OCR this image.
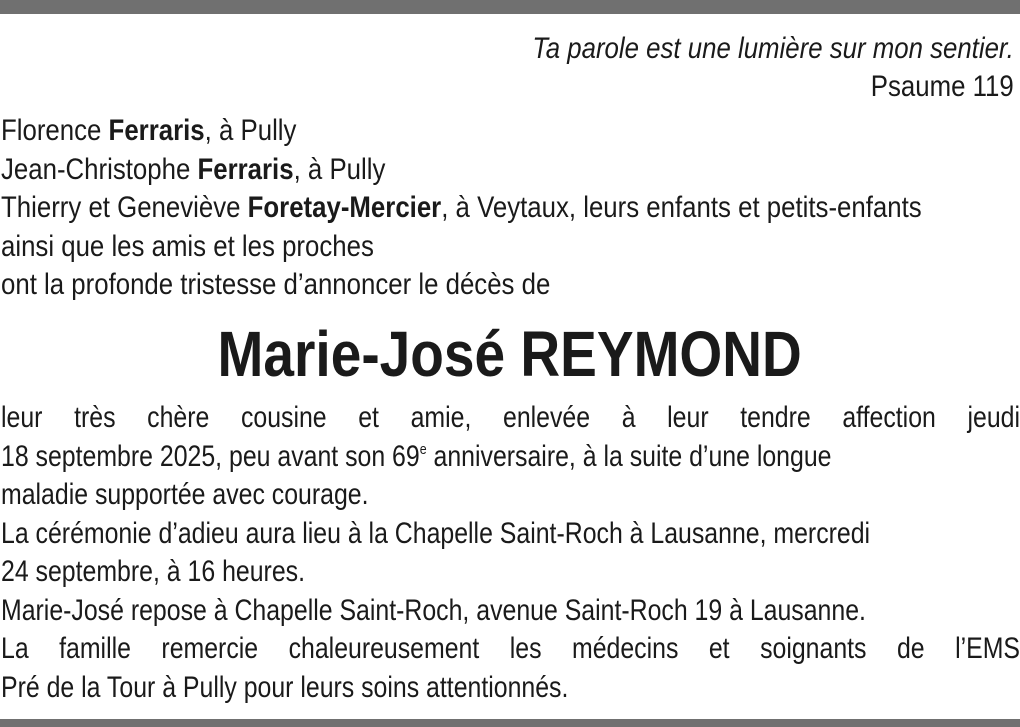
Ta parole est une lumière sur mon sentier.
Psaume 119
Florence Ferraris, à Pully
Jean-Christophe Ferraris, à Pully
Thierry et Geneviève Foretay-Mercier, à Veytaux, leurs enfants et petits-enfants
ainsi que les amis et les proches
ont la profonde tristesse d’annoncer le décès de
Marie-José REYMOND
leur très chère cousine et amie, enlevée à leur tendre affection jeudi
18 septembre 2025, peu avant son 69e anniversaire, à la suite d’une longue
maladie supportée avec courage.
La cérémonie d’adieu aura lieu à la Chapelle Saint-Roch à Lausanne, mercredi
24 septembre, à 16 heures.
Marie-José repose à Chapelle Saint-Roch, avenue Saint-Roch 19 à Lausanne.
La famille remercie chaleureusement les médecins et soignants de l’EMS
Pré de la Tour à Pully pour leurs soins attentionnés.
